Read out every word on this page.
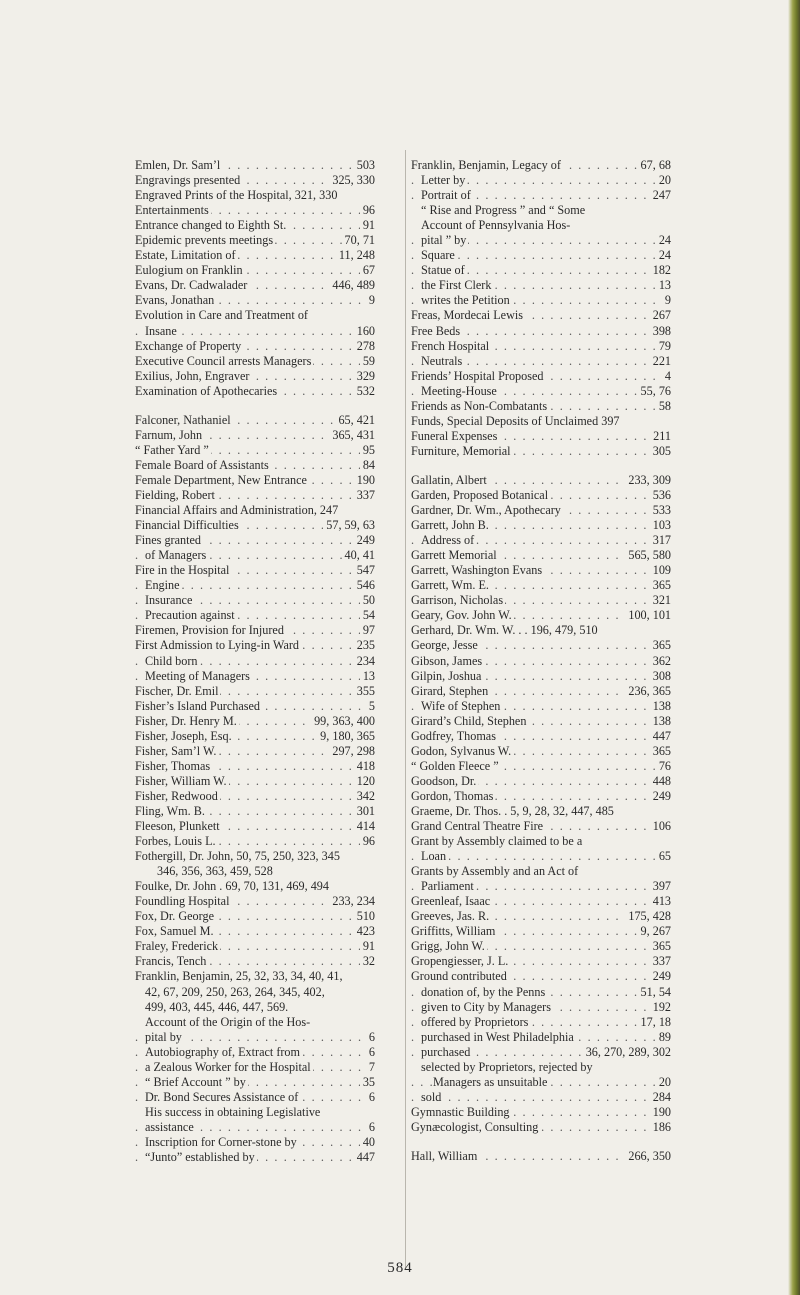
. . . Emlen, Dr. Sam’l	503
. . . Engravings presented	325, 330
Engraved Prints of the Hospital, 321, 330
. . . Entertainments	96
. . . Entrance changed to Eighth St.	91
. . . Epidemic prevents meetings	70, 71
. . . Estate, Limitation of	11, 248
. . . Eulogium on Franklin	67
. . . Evans, Dr. Cadwalader	446, 489
. . . Evans, Jonathan	9
Evolution in Care and Treatment of
. . . Insane	160
. . . Exchange of Property	278
. . . Executive Council arrests Managers	59
. . . Exilius, John, Engraver	329
. . . Examination of Apothecaries	532
. . . Falconer, Nathaniel	65, 421
. . . Farnum, John	365, 431
. . . “ Father Yard ”	95
. . . Female Board of Assistants	84
. . . Female Department, New Entrance	190
. . . Fielding, Robert	337
Financial Affairs and Administration, 247
. . . Financial Difficulties	57, 59, 63
. . . Fines granted	249
. . . of Managers	40, 41
. . . Fire in the Hospital	547
. . . Engine	546
. . . Insurance	50
. . . Precaution against	54
. . . Firemen, Provision for Injured	97
. . . First Admission to Lying-in Ward	235
. . . Child born	234
. . . Meeting of Managers	13
. . . Fischer, Dr. Emil	355
. . . Fisher’s Island Purchased	5
. . . Fisher, Dr. Henry M.	99, 363, 400
. . . Fisher, Joseph, Esq.	9, 180, 365
. . . Fisher, Sam’l W.	297, 298
. . . Fisher, Thomas	418
. . . Fisher, William W.	120
. . . Fisher, Redwood	342
. . . Fling, Wm. B.	301
. . . Fleeson, Plunkett	414
. . . Forbes, Louis L.	96
Fothergill, Dr. John, 50, 75, 250, 323, 345
346, 356, 363, 459, 528
Foulke, Dr. John . 69, 70, 131, 469, 494
. . . Foundling Hospital	233, 234
. . . Fox, Dr. George	510
. . . Fox, Samuel M.	423
. . . Fraley, Frederick	91
. . . Francis, Tench	32
Franklin, Benjamin, 25, 32, 33, 34, 40, 41,
42, 67, 209, 250, 263, 264, 345, 402,
499, 403, 445, 446, 447, 569.
Account of the Origin of the Hos-
. . . pital by	6
. . . Autobiography of, Extract from	6
. . . a Zealous Worker for the Hospital	7
. . . “ Brief Account ” by	35
. . . Dr. Bond Secures Assistance of	6
His success in obtaining Legislative
. . . assistance	6
. . . Inscription for Corner-stone by	40
. . . “Junto” established by	447
. . . Franklin, Benjamin, Legacy of	67, 68
. . . Letter by	20
. . . Portrait of	247
“ Rise and Progress ” and “ Some
Account of Pennsylvania Hos-
. . . pital ” by	24
. . . Square	24
. . . Statue of	182
. . . the First Clerk	13
. . . writes the Petition	9
. . . Freas, Mordecai Lewis	267
. . . Free Beds	398
. . . French Hospital	79
. . . Neutrals	221
. . . Friends’ Hospital Proposed	4
. . . Meeting-House	55, 76
. . . Friends as Non-Combatants	58
Funds, Special Deposits of Unclaimed 397
. . . Funeral Expenses	211
. . . Furniture, Memorial	305
. . . Gallatin, Albert	233, 309
. . . Garden, Proposed Botanical	536
. . . Gardner, Dr. Wm., Apothecary	533
. . . Garrett, John B.	103
. . . Address of	317
. . . Garrett Memorial	565, 580
. . . Garrett, Washington Evans	109
. . . Garrett, Wm. E.	365
. . . Garrison, Nicholas	321
. . . Geary, Gov. John W.	100, 101
Gerhard, Dr. Wm. W. . . 196, 479, 510
. . . George, Jesse	365
. . . Gibson, James	362
. . . Gilpin, Joshua	308
. . . Girard, Stephen	236, 365
. . . Wife of Stephen	138
. . . Girard’s Child, Stephen	138
. . . Godfrey, Thomas	447
. . . Godon, Sylvanus W.	365
. . . “ Golden Fleece ”	76
. . . Goodson, Dr.	448
. . . Gordon, Thomas	249
Graeme, Dr. Thos. . 5, 9, 28, 32, 447, 485
. . . Grand Central Theatre Fire	106
Grant by Assembly claimed to be a
. . . Loan	65
Grants by Assembly and an Act of
. . . Parliament	397
. . . Greenleaf, Isaac	413
. . . Greeves, Jas. R.	175, 428
. . . Griffitts, William	9, 267
. . . Grigg, John W.	365
. . . Gropengiesser, J. L.	337
. . . Ground contributed	249
. . . donation of, by the Penns	51, 54
. . . given to City by Managers	192
. . . offered by Proprietors	17, 18
. . . purchased in West Philadelphia	89
. . . purchased	36, 270, 289, 302
selected by Proprietors, rejected by
. . . Managers as unsuitable	20
. . . sold	284
. . . Gymnastic Building	190
. . . Gynæcologist, Consulting	186
. . . Hall, William	266, 350
584
